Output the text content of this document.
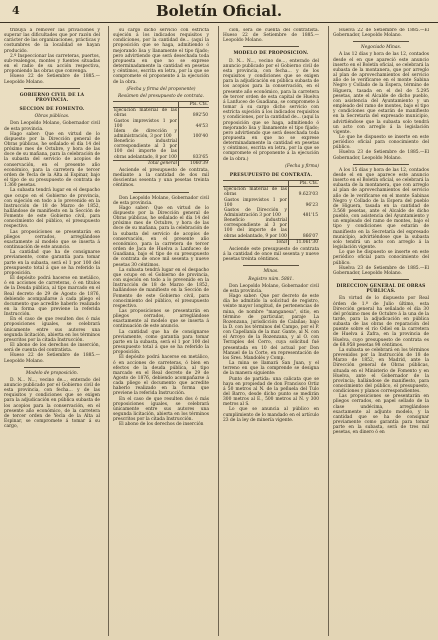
4	Boletín Oficial.

tribuya á remover las privaciones y superar las dificultades que por razón del carácter de las organizaciones, prácticas y costumbres de la localidad se hayan producido.

2.º Inspeccionar las carreteras, puertos, sub-realengos, montes y fuentes situadas en el radio de su acción respectiva, proponiendo las obras que convenga.

Hueso 22 de Setiembre de 1885.—Leopoldo Molano.

GOBIERNO CIVIL DE LA PROVINCIA.

SECCION DE FOMENTO.

Obras públicas.

Don Leopoldo Molano, Gobernador civil de esta provincia.

Hago saber: Que en virtud de lo dispuesto por la Dirección general de Obras públicas, he señalado el día 14 del próximo mes de Octubre, y hora de las doce de su mañana, para la celebración de la subasta del servicio de acopios de conservación, en el presente año económico, para la carretera de tercer orden de Yecla de la Alta al Espinar, bajo el tipo de su presupuesto de contrata de 1.360 pesetas.

La subasta tendrá lugar en el despacho que ocupo en el Gobierno de provincia, con sujeción en todo a lo prevenido en la Instrucción de 18 de Marzo de 1852, hallándose de manifiesto en la Sección de Fomento de este Gobierno civil, para conocimiento del público, el presupuesto respectivo.

Las proposiciones se presentarán en pliegos cerrados, arreglándose exactamente al modelo que se inserta á continuación de este anuncio.

La cantidad que ha de consignarse previamente, como garantía para tomar parte en la subasta, será el 1 por 100 del presupuesto total á que se ha referido la proposición.

El depósito podrá hacerse en metálico, ó en acciones de carreteras, ó en títulos de la Deuda pública, al tipo marcado en el Real decreto de 29 de Agosto de 1876, debiendo acompañarse á cada pliego el documento que acredite haberlo realizado en la forma que previene la referida Instrucción.

En el caso de que resulten dos ó más proposiciones iguales, se celebrará únicamente entre sus autores una segunda licitación, abierta en los términos prescritos por la citada Instrucción.

El abono de los derechos de inserción, será de cuenta del contratista.

Hueso 22 de Setiembre de 1885.—Leopoldo Molano.

Modelo de proposición.

D. N... N..., vecino de..., enterado del anuncio publicado por el Gobierno civil de esta provincia, con fecha... y de las requisitos y condiciones que se exigen para la adjudicación en pública subasta de los acopios para la conservación, en el presente año económico, de la carretera de tercer orden de Yecla de la Alta al Espinar, se compromete á tomar á su cargo,

su cargo dicho servicio con estricta sujeción á los indicados requisitos y condiciones, por la cantidad de... (aquí la proposición que se haga, admitiendo ó mejorando lisa y llanamente el tipo fijado; pero advirtiendo que será desechada toda propuesta en que no se exprese determinadamente la cantidad en pesetas y céntimos, escrita en letra, por la que se compromete el proponente á la ejecución de la obra.

(Fecha y firma del proponente)

Resúmen del presupuesto de contrata.

	Pts. Cts.
Ejecución material de las obras	892'50
Gastos imprevistos 1 por 100	44'53
Idem de dirección y administración, 3 por 100	100'40
Beneficio industrial correspondiente al 3 por 100 del importe de las obras adelantado, 8 por 100	833'65
Total general	1060'39

Asciende el presupuesto de contrata, mediante a la cantidad de dos mil doscientas sesenta y una pesetas treinta céntimos.

Don Leopoldo Molano, Gobernador civil de esta provincia.

Hago saber: Que en virtud de lo dispuesto por la Dirección general de Obras públicas, he señalado el día 14 del próximo mes de Octubre, y hora de las doce de su mañana, para la celebración de la subasta del servicio de acopios de conservación, en el presente año económico, para la carretera de tercer orden de Jaca de Huelva a Lanfuceo de Guadiana, bajo el tipo de su presupuesto de contrata de once mil sesenta y nueve pesetas 30 céntimos.

La subasta tendrá lugar en el despacho que ocupo en el Gobierno de provincia, con sujeción en todo a lo prevenido en la Instrucción de 18 de Marzo de 1852, hallándose de manifiesto en la Sección de Fomento de este Gobierno civil, para conocimiento del público, el presupuesto respectivo.

Las proposiciones se presentarán en pliegos cerrados, arreglándose exactamente al modelo que se inserta á continuación de este anuncio.

La cantidad que ha de consignarse previamente, como garantía para tomar parte en la subasta, será el 1 por 100 del presupuesto total á que se ha referido la proposición.

El depósito podrá hacerse en metálico, ó en acciones de carreteras, ó bien en efectos de la deuda pública, al tipo marcado en el Real decreto de 29 de Agosto de 1876, debiendo acompañarse á cada pliego el documento que acredite haberlo realizado en la forma que previene la referida Instrucción.

En el caso de que resulten dos ó más proposiciones iguales, se celebrará únicamente entre sus autores una segunda licitación, abierta en los términos prescritos por la citada Instrucción.

El abono de los derechos de inserción

ción, será de cuenta del contratista. Hueso 22 de Setiembre de 1885.—Leopoldo Molano.

MODELO DE PROPOSICION.

D. N... N..., vecino de..., enterado del anuncio publicado por el Gobierno civil de esta provincia, con fecha... y de los requisitos y condiciones que se exigen para la adjudicación en pública subasta de los acopios para la conservación, en el presente año económico, para la carretera de tercer orden de esta capital de Huelva á Lanfuceo de Guadiana, se compromete á tomar á su cargo dicho servicio con estricta sujeción á los indicados requisitos y condiciones, por la cantidad de... (aquí la proposición que se haga, admitiendo ó mejorando lisa y llanamente el tipo fijado; pero advirtiendo que será desechada toda propuesta en que no se exprese determinadamente la cantidad en pesetas y céntimos, escrita en letra, por la que se compromete el proponente á la ejecución de la obra.)

(Fecha y firma)

PRESUPUESTO DE CONTRATA.

	Pts. Cts.
Ejecución material de las obras	9.623'03
Gastos imprevistos 1 por 100	96'23
Gastos de Dirección y Administración 3 por 100	481'15
Beneficio industrial correspondiente al 3 por 100 del importe de las obras adelantado, 9 por 100	866'07
Total	11.061'30

Asciende este presupuesto de contrata á la cantidad de once mil sesenta y nueve pesetas treinta céntimos.

Minas.

Registro núm. 5881.

Don Leopoldo Molano, Gobernador civil de esta provincia.

Hago saber: Que por decreto de este día he admitido la solicitud de registro, veinte mayor longitud, de pertenencias de mina, de nombre "manganesa", sitio, en término de particular, paraje La Rozenzana, jurisdicción de Calañas; bajo la D. con los términos del Campo, por el P. con Capellanía de la mar. Gante, al N. con el Arroyo de la Rozenzana, y al O. con Terraples del Cerro, cuya solicitud fué presentada en 10 del actual por Don Manuel de la Corte, en representación de los Sres. Mandolés y Comp.

La mina se llamará San Juan, y el terreno en que la comprende se designa de la manera siguiente:

Punto de partida: una calicata que se haya en propiedad de don Francisco Ortiz á 50 metros al N. de la peñuela del Tulo del Barro, desde dicho punto se medirán 300 metros al E., 500 metros al N. y 300 metros al S.

Lo que se anuncia al público en cumplimiento de lo mandado en el artículo 23 de la ley de minería vigente.

Huelva 22 de Setiembre de 1885.—El Gobernador, Leopoldo Molano.

Negociado Minas.

A las 12 días y hora de las 12, contados desde el en que apareció este anuncio inserto en el Boletín oficial, se celebrará la subasta de la montanera, que por arreglo al plan de aprovechamientos del servicio año de le verificarse en el monte Sabina Negro y Collado de la Espera, término de Higuera, tasada en el del de 5.295 pesetas, ante el Alcalde de dicho pueblo, con asistencia del Ayuntamiento y un empleado del ramo de montes, bajo el tipo y condiciones que estarán de manifiesto en la Secretaría del expresado municipio, advirtiéndose que la subasta solo tendrá un acto con arreglo á la legislación vigente.

Lo que he dispuesto se inserte en este periódico oficial para conocimiento del público.

Huelva 23 de Setiembre de 1885.—El Gobernador, Leopoldo Molano.

A los 15 días y hora de las 12, contados desde el en que aparece este anuncio inserto en el Boletín oficial, se celebrará la subasta de la montanera, que con arreglo al plan de aprovechamientos del servicio año de le verificarse en el monte Sabinas Negro y Collado de la Espera del pueblo de Higuera, tasada en la cantidad de 3.568 pesetas, ante el Alcalde de dicho pueblo, con asistencia del Ayuntamiento y un empleado del ramo de montes, bajo el tipo y condiciones que estarán de manifiesto en la Secretaría del expresado municipio, advirtiéndose que la subasta solo tendrá un acto con arreglo á la legislación vigente.

Lo que he dispuesto se inserte en este periódico oficial para conocimiento del público.

Huelva 23 de Setiembre de 1885.—El Gobernador, Leopoldo Molano.

DIRECCION GENERAL DE OBRAS PÚBLICAS.

En virtud de lo dispuesto por Real órden de 1.º de Julio último, esta Dirección general ha señalado el día 30 del próximo mes de Octubre á la una de la tarde, para la adjudicación en pública subasta de las obras de reparación del puente sobre el río Odiel en la carretera de Huelva á Zafra, en la provincia de Huelva, cuyo presupuesto de contrata es de 68.958 pesetas 98 céntimos.

La subasta se celebrará en los términos prevenidos por la Instrucción de 18 de Marzo de 1852, en Madrid, ante la Dirección general de Obras públicas, situada en el Ministerio de Fomento y en Huelva, ante el Gobernador de la provincia; hallándose de manifiesto, para conocimiento del público, el presupuesto, condiciones y planos correspondientes.

Las proposiciones se presentarán en pliegos cerrados, en papel sellado de la clase undécima, arreglándose exactamente al adjunto modelo, y la cantidad que se ha de consignar previamente como garantía para tomar parte en la subasta, será de tres mil pesetas, en dinero ó en
